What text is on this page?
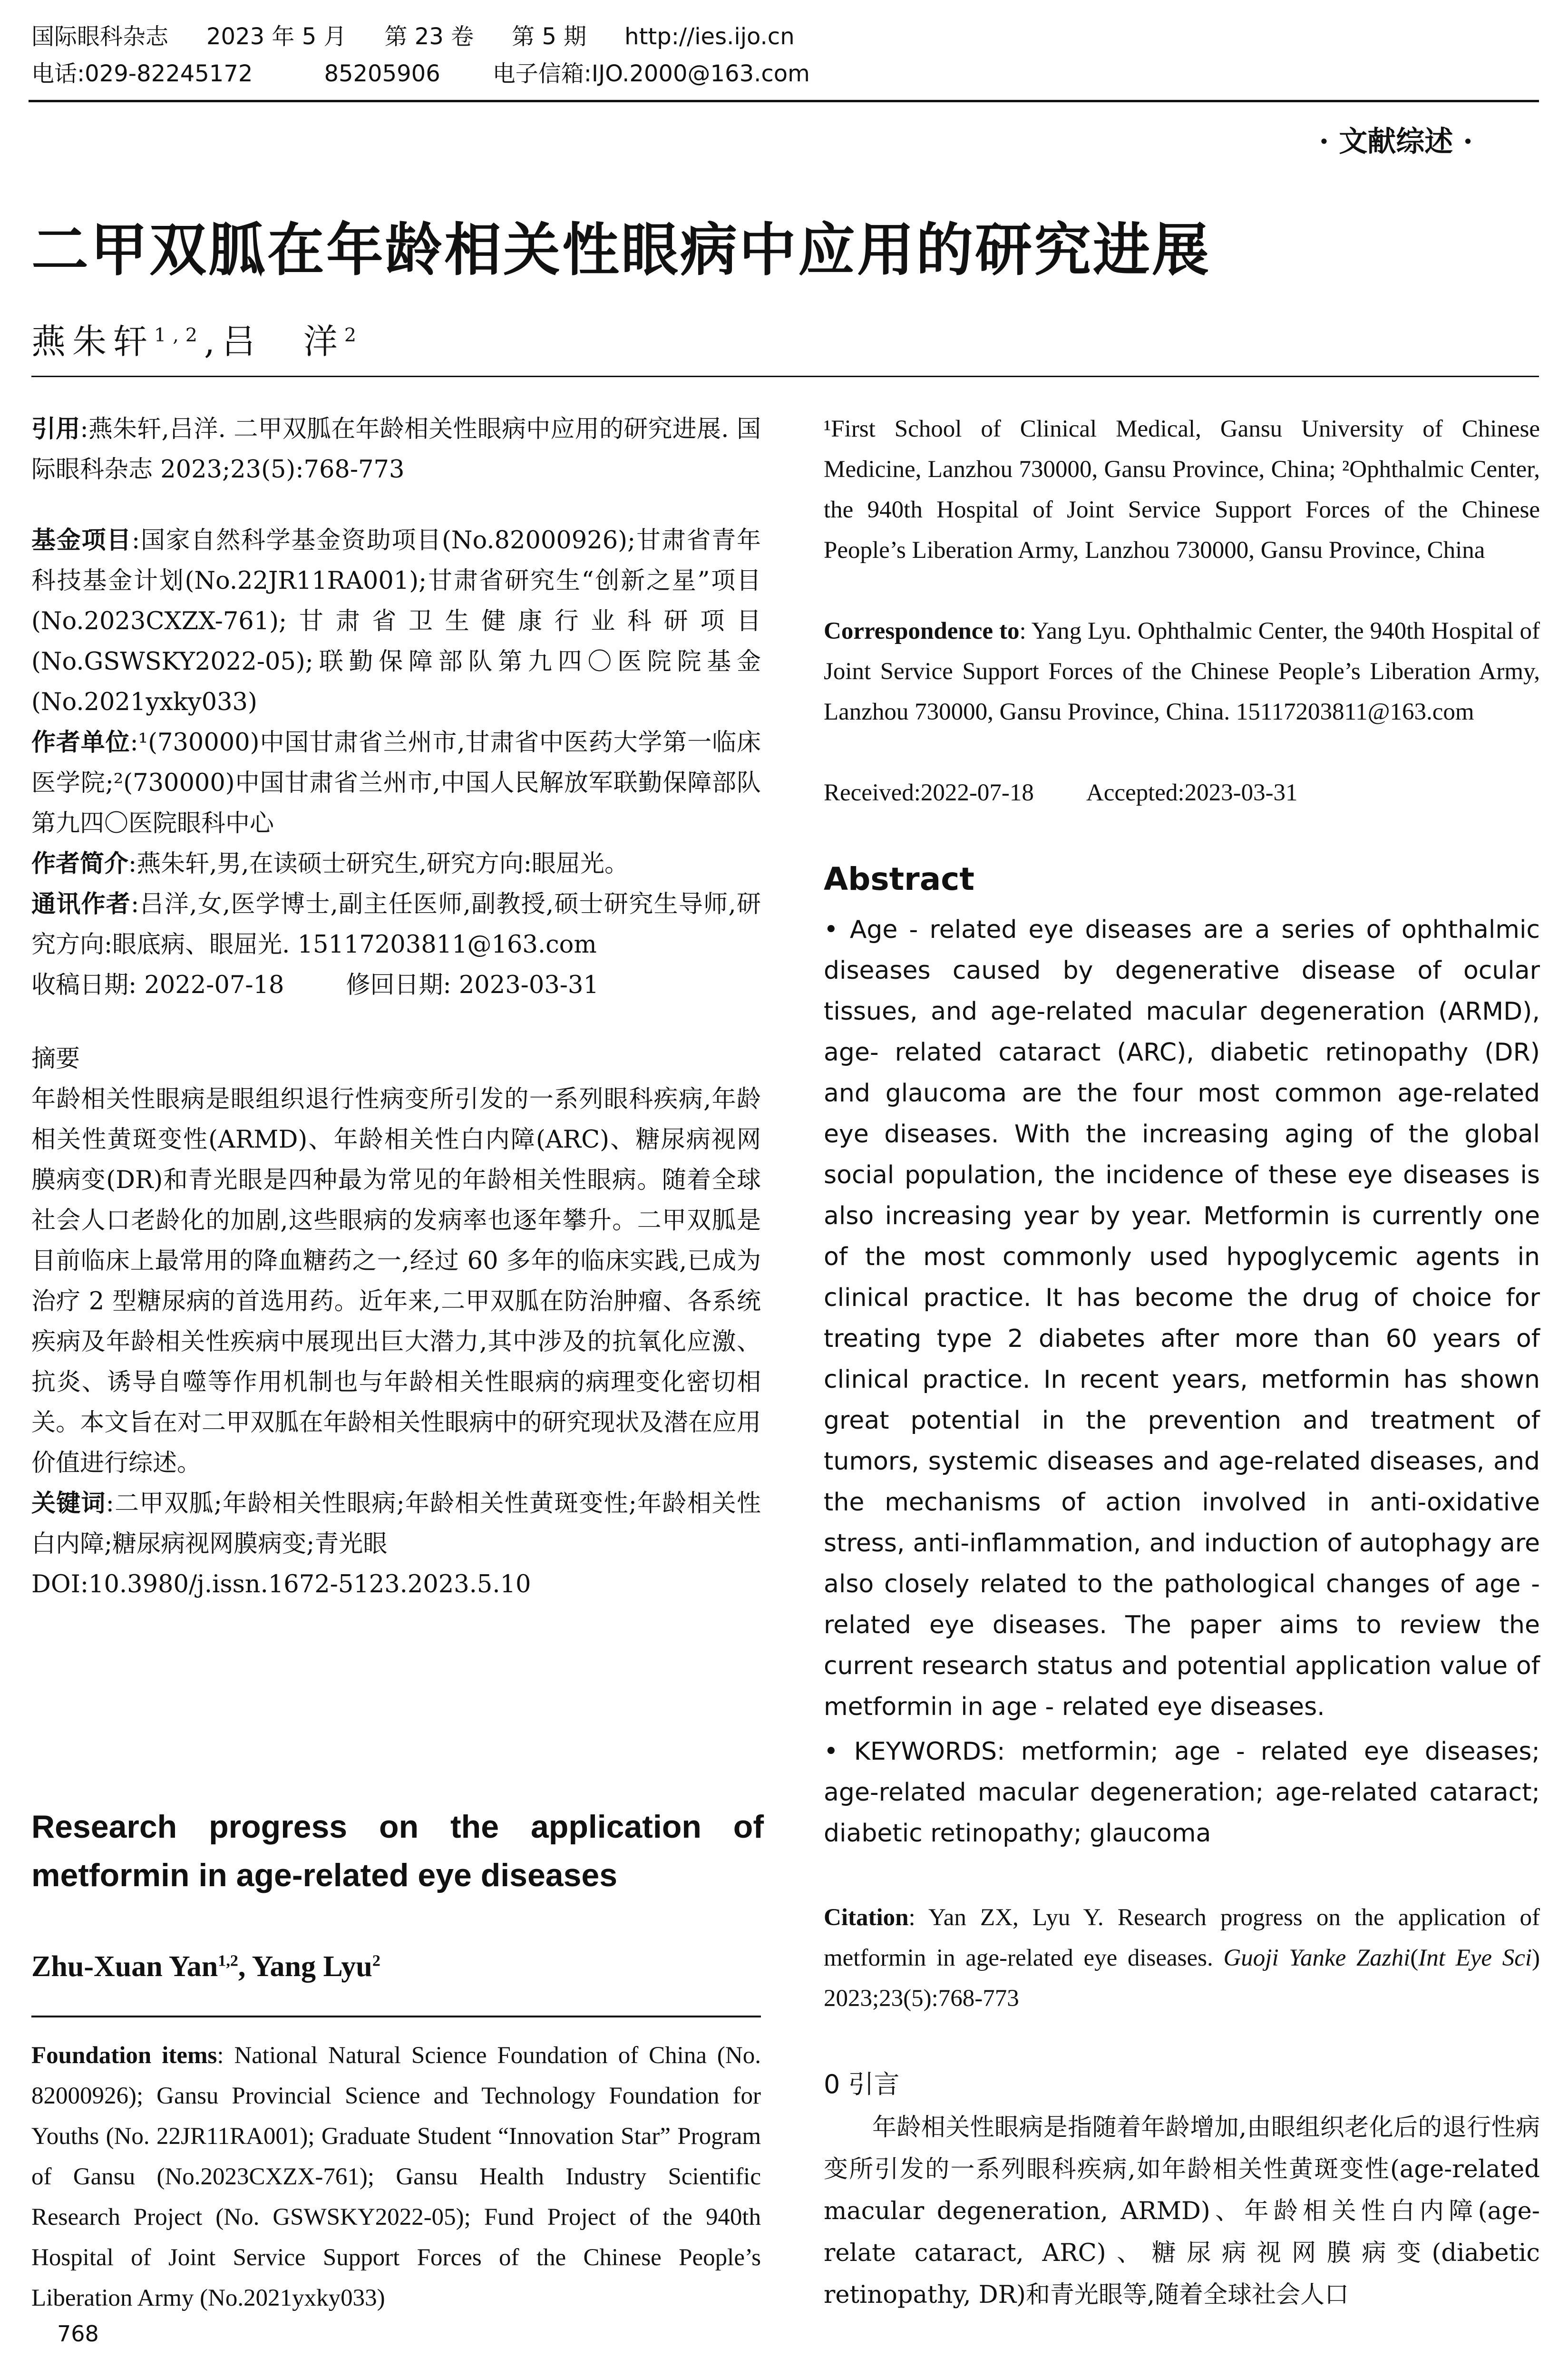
国际眼科杂志 2023 年 5 月 第 23 卷 第 5 期 http://ies.ijo.cn
电话:029-82245172	85205906 电子信箱:IJO.2000@163.com
· 文献综述 ·
二甲双胍在年龄相关性眼病中应用的研究进展
燕朱轩$^{1,2}$,吕　洋$^2$

引用:燕朱轩,吕洋. 二甲双胍在年龄相关性眼病中应用的研究进展. 国际眼科杂志 2023;23(5):768-773

基金项目:国家自然科学基金资助项目(No.82000926);甘肃省青年科技基金计划(No.22JR11RA001);甘肃省研究生“创新之星”项目(No.2023CXZX-761);甘肃省卫生健康行业科研项目(No.GSWSKY2022-05);联勤保障部队第九四〇医院院基金(No.2021yxky033)

作者单位:¹(730000)中国甘肃省兰州市,甘肃省中医药大学第一临床医学院;²(730000)中国甘肃省兰州市,中国人民解放军联勤保障部队第九四〇医院眼科中心

作者简介:燕朱轩,男,在读硕士研究生,研究方向:眼屈光。

通讯作者:吕洋,女,医学博士,副主任医师,副教授,硕士研究生导师,研究方向:眼底病、眼屈光. 15117203811@163.com

收稿日期: 2022-07-18	修回日期: 2023-03-31

摘要

年龄相关性眼病是眼组织退行性病变所引发的一系列眼科疾病,年龄相关性黄斑变性(ARMD)、年龄相关性白内障(ARC)、糖尿病视网膜病变(DR)和青光眼是四种最为常见的年龄相关性眼病。随着全球社会人口老龄化的加剧,这些眼病的发病率也逐年攀升。二甲双胍是目前临床上最常用的降血糖药之一,经过 60 多年的临床实践,已成为治疗 2 型糖尿病的首选用药。近年来,二甲双胍在防治肿瘤、各系统疾病及年龄相关性疾病中展现出巨大潜力,其中涉及的抗氧化应激、抗炎、诱导自噬等作用机制也与年龄相关性眼病的病理变化密切相关。本文旨在对二甲双胍在年龄相关性眼病中的研究现状及潜在应用价值进行综述。

关键词:二甲双胍;年龄相关性眼病;年龄相关性黄斑变性;年龄相关性白内障;糖尿病视网膜病变;青光眼

DOI:10.3980/j.issn.1672-5123.2023.5.10

Research progress on the application of metformin in age-related eye diseases
Zhu-Xuan Yan$^{1,2}$, Yang Lyu$^2$
Foundation items: National Natural Science Foundation of China (No. 82000926); Gansu Provincial Science and Technology Foundation for Youths (No. 22JR11RA001); Graduate Student “Innovation Star” Program of Gansu (No.2023CXZX-761); Gansu Health Industry Scientific Research Project (No. GSWSKY2022-05); Fund Project of the 940th Hospital of Joint Service Support Forces of the Chinese People’s Liberation Army (No.2021yxky033)
768
¹First School of Clinical Medical, Gansu University of Chinese Medicine, Lanzhou 730000, Gansu Province, China; ²Ophthalmic Center, the 940th Hospital of Joint Service Support Forces of the Chinese People’s Liberation Army, Lanzhou 730000, Gansu Province, China
Correspondence to: Yang Lyu. Ophthalmic Center, the 940th Hospital of Joint Service Support Forces of the Chinese People’s Liberation Army, Lanzhou 730000, Gansu Province, China. 15117203811@163.com
Received:2022-07-18 Accepted:2023-03-31
Abstract
• Age - related eye diseases are a series of ophthalmic diseases caused by degenerative disease of ocular tissues, and age-related macular degeneration (ARMD), age- related cataract (ARC), diabetic retinopathy (DR) and glaucoma are the four most common age-related eye diseases. With the increasing aging of the global social population, the incidence of these eye diseases is also increasing year by year. Metformin is currently one of the most commonly used hypoglycemic agents in clinical practice. It has become the drug of choice for treating type 2 diabetes after more than 60 years of clinical practice. In recent years, metformin has shown great potential in the prevention and treatment of tumors, systemic diseases and age-related diseases, and the mechanisms of action involved in anti-oxidative stress, anti-inflammation, and induction of autophagy are also closely related to the pathological changes of age - related eye diseases. The paper aims to review the current research status and potential application value of metformin in age - related eye diseases.
• KEYWORDS: metformin; age - related eye diseases; age-related macular degeneration; age-related cataract; diabetic retinopathy; glaucoma
Citation: Yan ZX, Lyu Y. Research progress on the application of metformin in age-related eye diseases. Guoji Yanke Zazhi(Int Eye Sci) 2023;23(5):768-773
0 引言
年龄相关性眼病是指随着年龄增加,由眼组织老化后的退行性病变所引发的一系列眼科疾病,如年龄相关性黄斑变性(age-related macular degeneration, ARMD)、年龄相关性白内障(age-relate cataract, ARC)、糖尿病视网膜病变(diabetic retinopathy, DR)和青光眼等,随着全球社会人口
